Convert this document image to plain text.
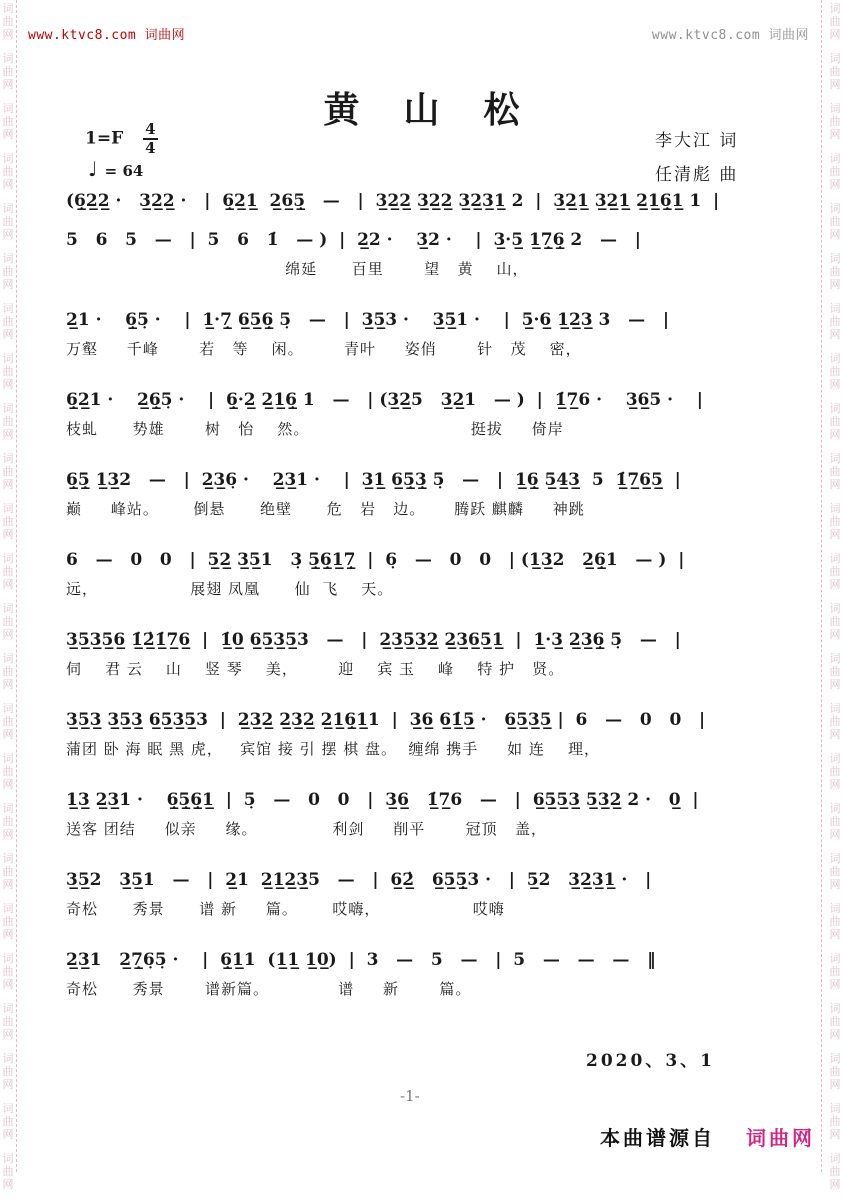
词
曲
网
词
曲
网
词
曲
网
词
曲
网
词
曲
网
词
曲
网
词
曲
网
词
曲
网
词
曲
网
词
曲
网
词
曲
网
词
曲
网
词
曲
网
词
曲
网
词
曲
网
词
曲
网
词
曲
网
词
曲
网
词
曲
网
词
曲
网
词
曲
网
词
曲
网
词
曲
网
词
曲
网
词
曲
网
词
曲
网
词
曲
网
词
曲
网
词
曲
网
词
曲
网
词
曲
网
词
曲
网
词
曲
网
词
曲
网
词
曲
网
词
曲
网
词
曲
网
词
曲
网
词
曲
网
词
曲
网
词
曲
网
词
曲
网
词
曲
网
词
曲
网
词
曲
网
词
曲
网
词
曲
网
词
曲
网
www.ktvc8.com 词曲网	www.ktvc8.com 词曲网
黄山松
$1=F \frac{4}{4}$
♩ = 64
李大江 词
任清彪 曲
(6̲̣2̲2̲ ·   3̲2̲2̲ ·   |  6̲̣2̲1̲  2̲6̲5̲̣   —   |  3̲2̲2̲ 3̲2̲2̲ 3̲2̲3̲1̲ 2  |  3̲2̲1̲ 3̲2̲1̲ 2̲1̲6̲̣1̲ 1  |
5   6   5   —   |  5   6   1̇   — )  |  2̲2 ·    3̲2 ·    |  3̲·5̲ 1̲7̲̣6̲̣ 2   —   |
绵延      百里       望   黄    山，
2̲1 ·    6̲̣5̣ ·    |  1̲·7̲̣ 6̲5̲6̲̣ 5̣   —   |  3̲5̲3 ·    3̲5̲1 ·    |  5̲·6̲ 1̲2̲3̲ 3   —   |
万壑     千峰       若   等    闲。       青叶     姿俏       针   茂    密，
6̲̣2̲1 ·    2̲6̲̣5̣ ·    |  6̲̣·2̲ 2̲1̲6̲̣ 1   —   | (3̲2̲5   3̲2̲1   — )  |  1̲̇7̲6 ·    3̲6̲5 ·    |
枝虬      势雄       树   怡    然。                            挺拔     倚岸
6̲̣5̲̣ 1̲3̲2   —   |  2̲3̲6̣ ·    2̲3̲1 ·    |  3̲1̲ 6̲5̲̣3̲̣ 5̣   —   |  1̲6̲̣ 5̲4̲3̲  5  1̲̇7̲6̲5̲  |
巅     峰站。      倒悬      绝壁      危   岩   边。     腾跃 麒麟     神跳
6   —   0   0   |  5̲2̲ 3̲5̲1   3̣ 5̲̣6̲̣1̲7̲̣  |  6̣   —   0   0   | (1̲3̲2   2̲6̲̣1   — )  |
远，                展翅 凤凰      仙  飞    天。
3̲5̲3̲5̲6̲ 1̲̇2̲̇1̲̇7̲6̲  |  1̲̇0̲ 6̲5̲3̲5̲3   —   |  2̲3̲5̲3̲2̲ 2̲3̲6̲5̲1̲  |  1̲·3̲ 2̲3̲6̲̣ 5̣   —   |
伺    君 云    山    竖 琴    美，       迎    宾 玉    峰    特 护   贤。
3̲5̲3̲ 3̲5̲3̲ 6̲5̲3̲5̲3  |  2̲3̲2̲ 2̲3̲2̲ 2̲1̲6̲̣1̲1  |  3̲6̲ 6̲1̲̇5̲ ·   6̲5̲3̲5̲ |  6   —   0   0   |
蒲团 卧 海 眠 黑 虎，   宾馆 接 引 摆 棋 盘。  缠绵 携手     如 连    理，
1̲3̲ 2̲3̲1 ·    6̲̣5̲̣6̲̣1̲  |  5̣   —   0   0   |  3̲6̲   1̲̇7̲6   —   |  6̲5̲5̲3̲ 5̲3̲2̲ 2 ·   0̲  |
送客 团结     似亲     缘。             利剑     削平       冠顶   盖，
3̲5̲2   3̲5̲1   —   |  2̲1  2̲1̲2̲3̲5   —   |  6̲2̲̇   6̲5̲5̲̣3 ·   |  5̲2   3̲2̲3̲1̲ ·   |
奇松      秀景      谱 新     篇。      哎嗨，                哎嗨
2̲3̲1   2̲7̲̣6̣5̣ ·    |  6̲̣1̲1  (1̲1̲ 1̲0̲)  |  3   —   5   —   |  5   —   —   —   ‖
奇松      秀景       谱新篇。            谱     新       篇。
2020、3、1
-1-
本曲谱源自 词曲网
